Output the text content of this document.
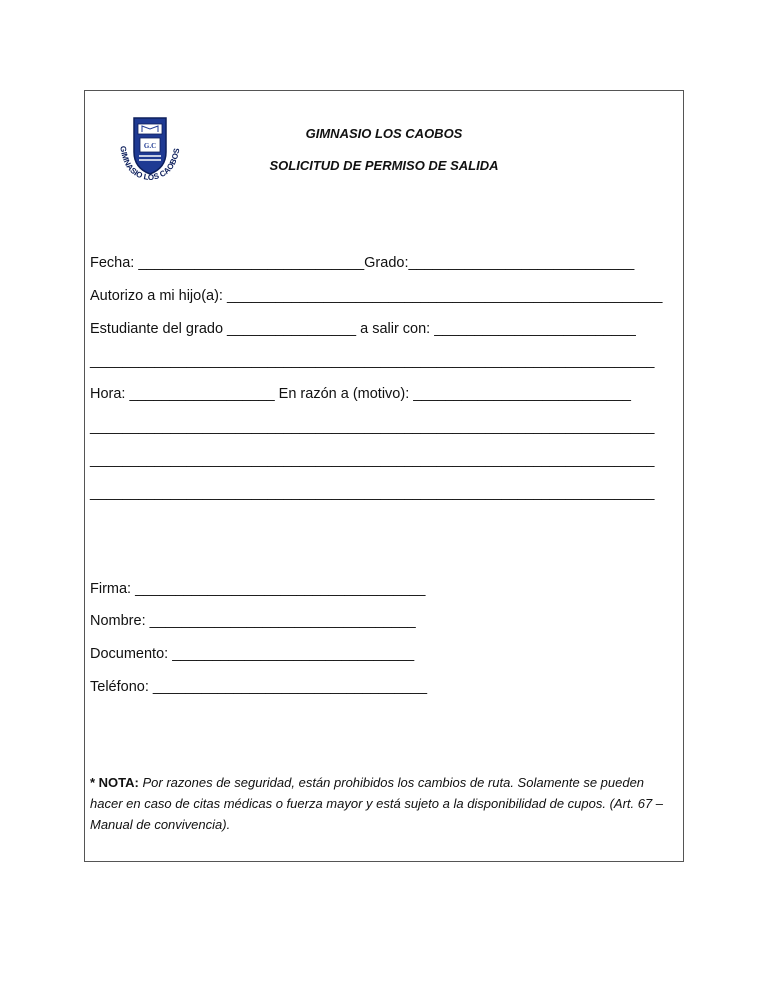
G.C
GIMNASIO LOS CAOBOS
GIMNASIO LOS CAOBOS
SOLICITUD DE PERMISO DE SALIDA
Fecha: ____________________________Grado:____________________________
Autorizo a mi hijo(a): ______________________________________________________
Estudiante del grado ________________ a salir con: _________________________
______________________________________________________________________
Hora: __________________ En razón a (motivo): ___________________________
______________________________________________________________________
______________________________________________________________________
______________________________________________________________________
Firma: ____________________________________
Nombre: _________________________________
Documento: ______________________________
Teléfono: __________________________________
* NOTA: Por razones de seguridad, están prohibidos los cambios de ruta. Solamente se pueden hacer en caso de citas médicas o fuerza mayor y está sujeto a la disponibilidad de cupos. (Art. 67 – Manual de convivencia).
